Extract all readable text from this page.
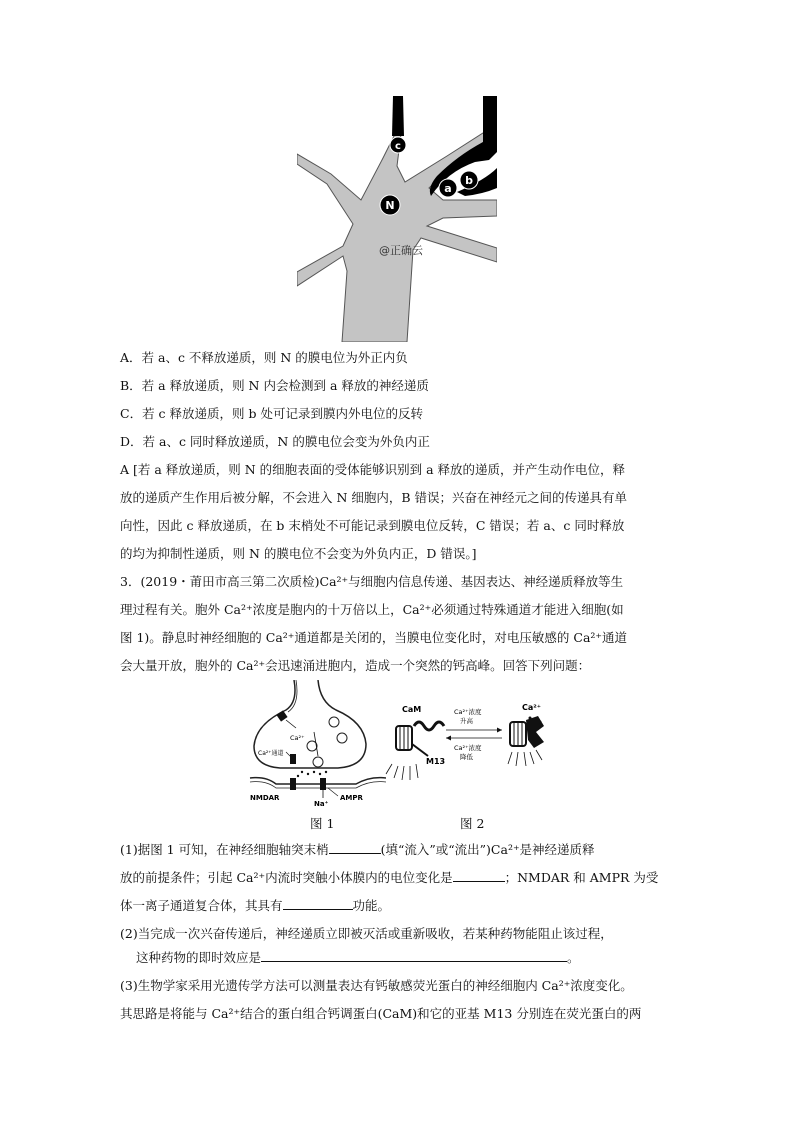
c
a
b
N
@正确云
A．若 a、c 不释放递质，则 N 的膜电位为外正内负
B．若 a 释放递质，则 N 内会检测到 a 释放的神经递质
C．若 c 释放递质，则 b 处可记录到膜内外电位的反转
D．若 a、c 同时释放递质，N 的膜电位会变为外负内正
A [若 a 释放递质，则 N 的细胞表面的受体能够识别到 a 释放的递质，并产生动作电位，释
放的递质产生作用后被分解，不会进入 N 细胞内，B 错误；兴奋在神经元之间的传递具有单
向性，因此 c 释放递质，在 b 末梢处不可能记录到膜电位反转，C 错误；若 a、c 同时释放
的均为抑制性递质，则 N 的膜电位不会变为外负内正，D 错误。]
3．(2019・莆田市高三第二次质检)Ca²⁺与细胞内信息传递、基因表达、神经递质释放等生
理过程有关。胞外 Ca²⁺浓度是胞内的十万倍以上，Ca²⁺必须通过特殊通道才能进入细胞(如
图 1)。静息时神经细胞的 Ca²⁺通道都是关闭的，当膜电位变化时，对电压敏感的 Ca²⁺通道
会大量开放，胞外的 Ca²⁺会迅速涌进胞内，造成一个突然的钙高峰。回答下列问题：
Ca²⁺
Ca²⁺通道
NMDAR	AMPR
Na⁺
CaM
M13
Ca²⁺浓度
升高
Ca²⁺浓度
降低
Ca²⁺
图 1	图 2
(1)据图 1 可知，在神经细胞轴突末梢	(填“流入”或“流出”)Ca²⁺是神经递质释
放的前提条件；引起 Ca²⁺内流时突触小体膜内的电位变化是	；NMDAR 和 AMPR 为受
体一离子通道复合体，其具有	功能。
(2)当完成一次兴奋传递后，神经递质立即被灭活或重新吸收，若某种药物能阻止该过程，
这种药物的即时效应是	。
(3)生物学家采用光遗传学方法可以测量表达有钙敏感荧光蛋白的神经细胞内 Ca²⁺浓度变化。
其思路是将能与 Ca²⁺结合的蛋白组合钙调蛋白(CaM)和它的亚基 M13 分别连在荧光蛋白的两
